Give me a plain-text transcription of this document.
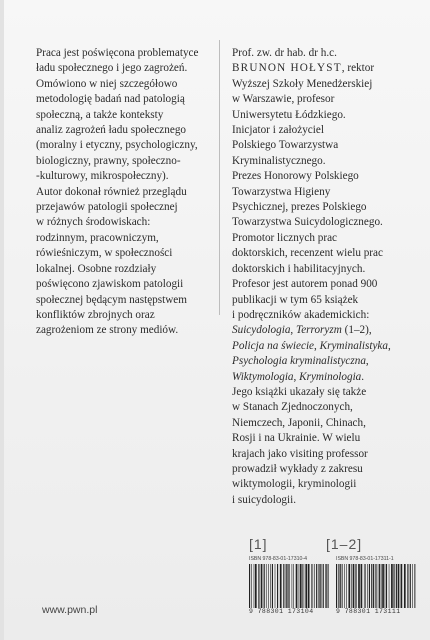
Praca jest poświęcona problematyce

ładu społecznego i jego zagrożeń.

Omówiono w niej szczegółowo

metodologię badań nad patologią

społeczną, a także konteksty

analiz zagrożeń ładu społecznego

(moralny i etyczny, psychologiczny,

biologiczny, prawny, społeczno-

-kulturowy, mikrospołeczny).

Autor dokonał również przeglądu

przejawów patologii społecznej

w różnych środowiskach:

rodzinnym, pracowniczym,

rówieśniczym, w społeczności

lokalnej. Osobne rozdziały

poświęcono zjawiskom patologii

społecznej będącym następstwem

konfliktów zbrojnych oraz

zagrożeniom ze strony mediów.

Prof. zw. dr hab. dr h.c.

BRUNON HOŁYST, rektor

Wyższej Szkoły Menedżerskiej

w Warszawie, profesor

Uniwersytetu Łódzkiego.

Inicjator i założyciel

Polskiego Towarzystwa

Kryminalistycznego.

Prezes Honorowy Polskiego

Towarzystwa Higieny

Psychicznej, prezes Polskiego

Towarzystwa Suicydologicznego.

Promotor licznych prac

doktorskich, recenzent wielu prac

doktorskich i habilitacyjnych.

Profesor jest autorem ponad 900

publikacji w tym 65 książek

i podręczników akademickich:

Suicydologia, Terroryzm (1–2),

Policja na świecie, Kryminalistyka,

Psychologia kryminalistyczna,

Wiktymologia, Kryminologia.

Jego książki ukazały się także

w Stanach Zjednoczonych,

Niemczech, Japonii, Chinach,

Rosji i na Ukrainie. W wielu

krajach jako visiting professor

prowadził wykłady z zakresu

wiktymologii, kryminologii

i suicydologii.

www.pwn.pl
[1]	[1–2]
ISBN 978-83-01-17310-4
9 788301 173104
ISBN 978-83-01-17311-1
9 788301 173111
